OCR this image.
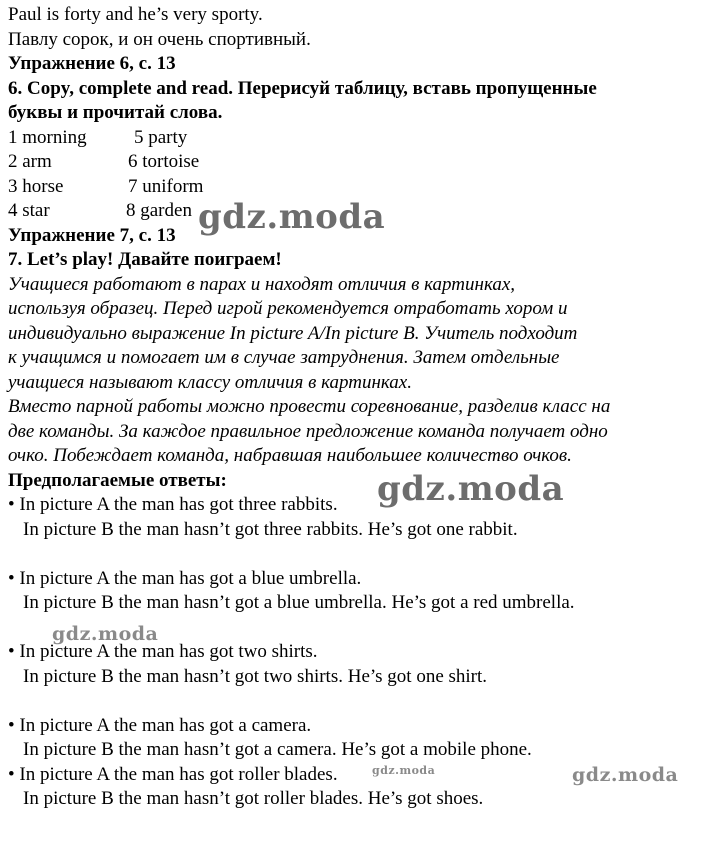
Paul is forty and he’s very sporty.
Павлу сорок, и он очень спортивный.
Упражнение 6, с. 13
6. Copy, complete and read. Перерисуй таблицу, вставь пропущенные
буквы и прочитай слова.
1 morning 5 party
2 arm	6 tortoise
3 horse	7 uniform
4 star	8 garden
Упражнение 7, с. 13
7. Let’s play! Давайте поиграем!
Учащиеся работают в парах и находят отличия в картинках,
используя образец. Перед игрой рекомендуется отработать хором и
индивидуально выражение In picture A/In picture B. Учитель подходит
к учащимся и помогает им в случае затруднения. Затем отдельные
учащиеся называют классу отличия в картинках.
Вместо парной работы можно провести соревнование, разделив класс на
две команды. За каждое правильное предложение команда получает одно
очко. Побеждает команда, набравшая наибольшее количество очков.
Предполагаемые ответы:
• In picture A the man has got three rabbits.
In picture B the man hasn’t got three rabbits. He’s got one rabbit.
• In picture A the man has got a blue umbrella.
In picture B the man hasn’t got a blue umbrella. He’s got a red umbrella.
• In picture A the man has got two shirts.
In picture B the man hasn’t got two shirts. He’s got one shirt.
• In picture A the man has got a camera.
In picture B the man hasn’t got a camera. He’s got a mobile phone.
• In picture A the man has got roller blades.
In picture B the man hasn’t got roller blades. He’s got shoes.
gdz.moda
gdz.moda
gdz.moda
gdz.moda	gdz.moda
